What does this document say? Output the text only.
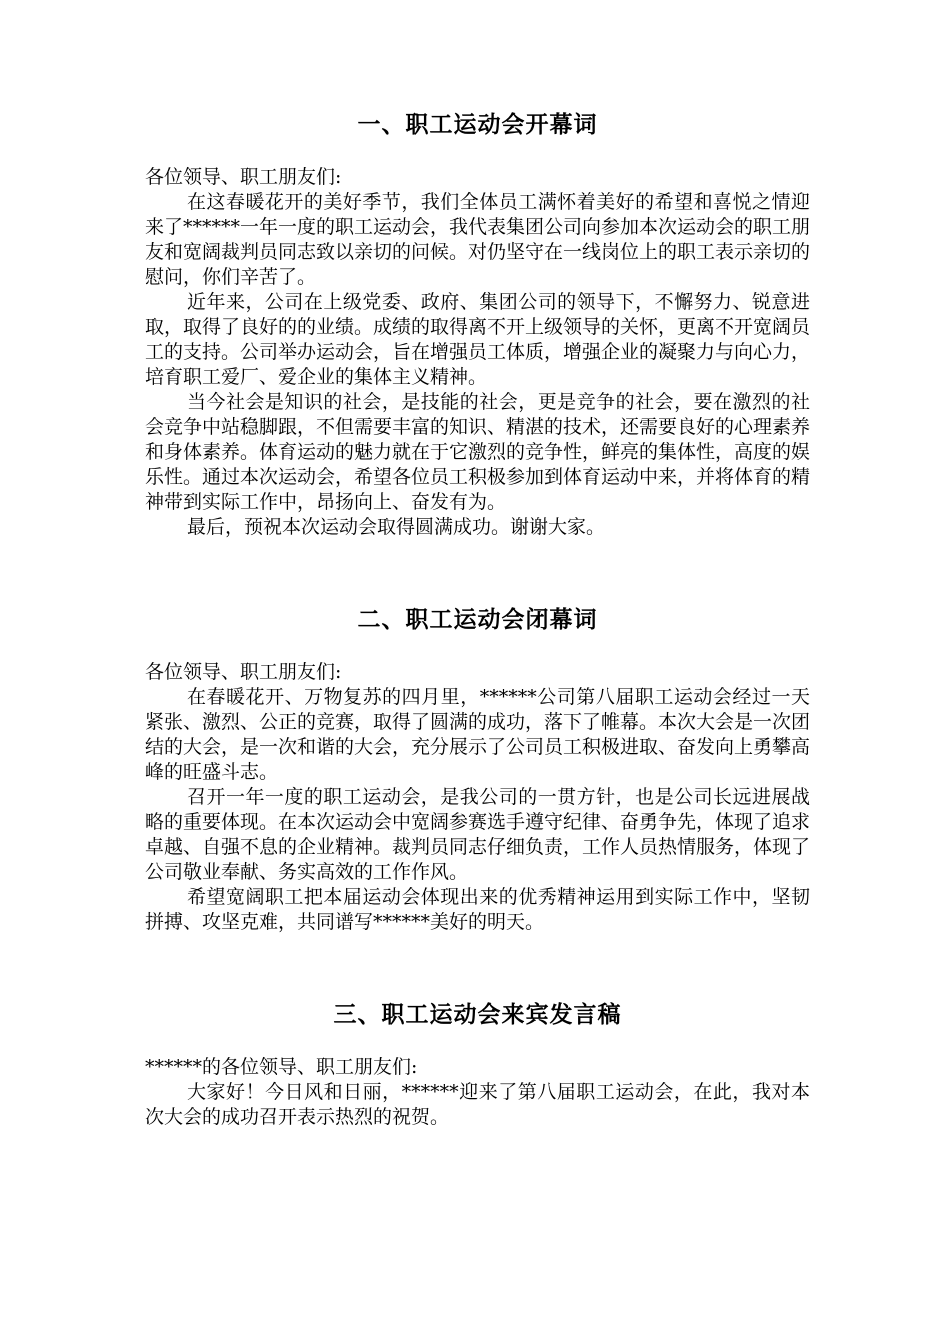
一、职工运动会开幕词

各位领导、职工朋友们:

在这春暖花开的美好季节，我们全体员工满怀着美好的希望和喜悦之情迎来了******一年一度的职工运动会，我代表集团公司向参加本次运动会的职工朋友和宽阔裁判员同志致以亲切的问候。对仍坚守在一线岗位上的职工表示亲切的慰问，你们辛苦了。

近年来，公司在上级党委、政府、集团公司的领导下，不懈努力、锐意进取，取得了良好的的业绩。成绩的取得离不开上级领导的关怀，更离不开宽阔员工的支持。公司举办运动会，旨在增强员工体质，增强企业的凝聚力与向心力，培育职工爱厂、爱企业的集体主义精神。

当今社会是知识的社会，是技能的社会，更是竞争的社会，要在激烈的社会竞争中站稳脚跟，不但需要丰富的知识、精湛的技术，还需要良好的心理素养和身体素养。体育运动的魅力就在于它激烈的竞争性，鲜亮的集体性，高度的娱乐性。通过本次运动会，希望各位员工积极参加到体育运动中来，并将体育的精神带到实际工作中，昂扬向上、奋发有为。

最后，预祝本次运动会取得圆满成功。谢谢大家。

二、职工运动会闭幕词

各位领导、职工朋友们:

在春暖花开、万物复苏的四月里，******公司第八届职工运动会经过一天紧张、激烈、公正的竞赛，取得了圆满的成功，落下了帷幕。本次大会是一次团结的大会，是一次和谐的大会，充分展示了公司员工积极进取、奋发向上勇攀高峰的旺盛斗志。

召开一年一度的职工运动会，是我公司的一贯方针，也是公司长远进展战略的重要体现。在本次运动会中宽阔参赛选手遵守纪律、奋勇争先，体现了追求卓越、自强不息的企业精神。裁判员同志仔细负责，工作人员热情服务，体现了公司敬业奉献、务实高效的工作作风。

希望宽阔职工把本届运动会体现出来的优秀精神运用到实际工作中，坚韧拼搏、攻坚克难，共同谱写******美好的明天。

三、职工运动会来宾发言稿

******的各位领导、职工朋友们:

大家好！今日风和日丽，******迎来了第八届职工运动会，在此，我对本次大会的成功召开表示热烈的祝贺。
